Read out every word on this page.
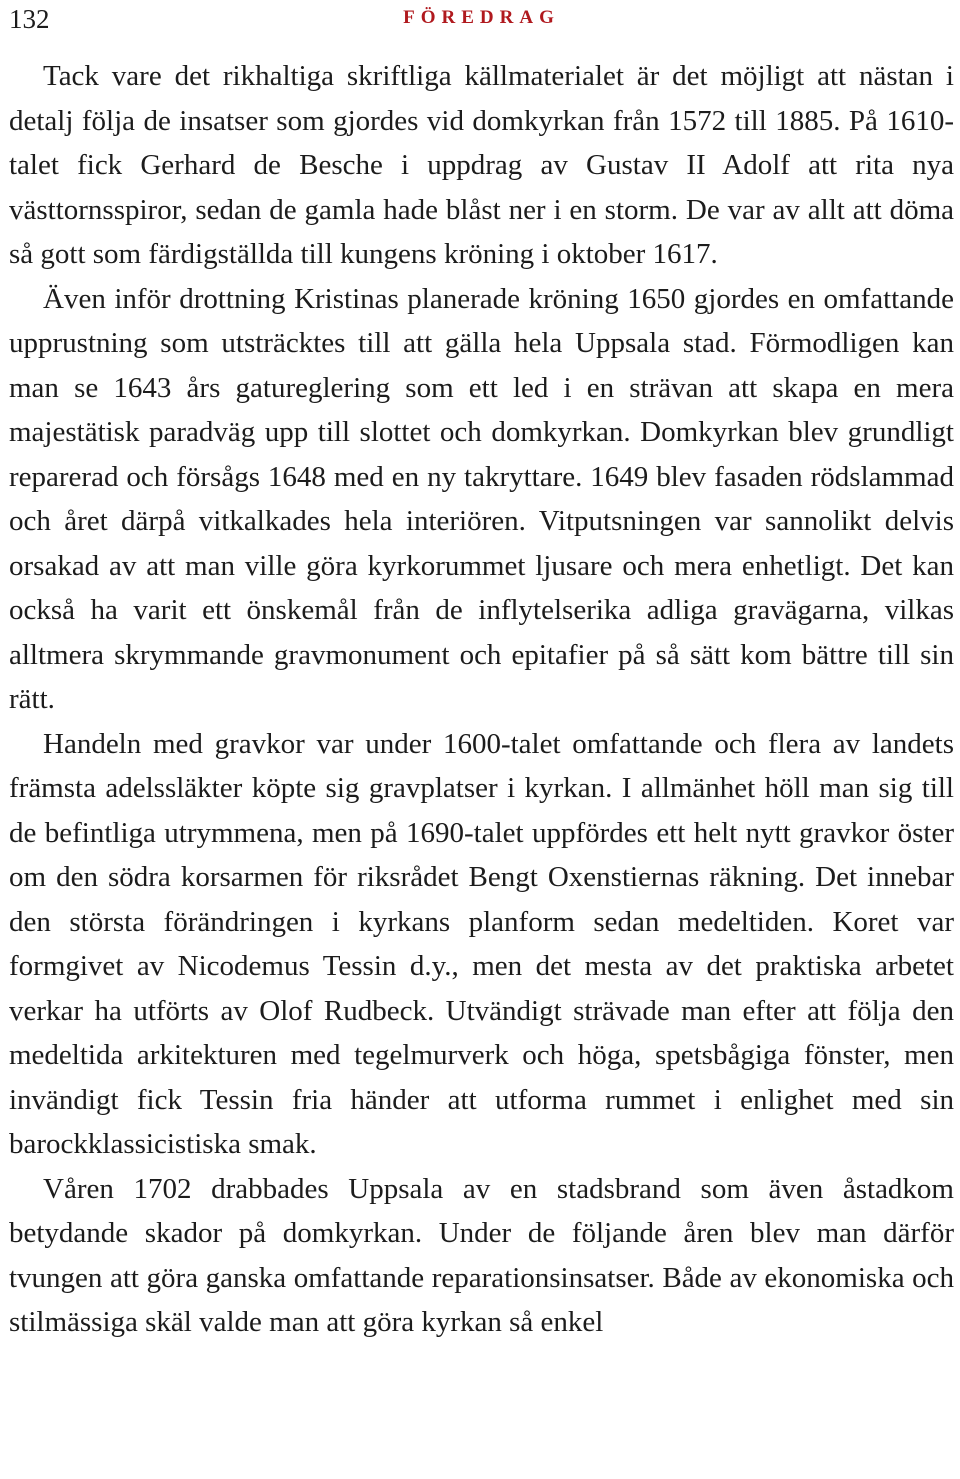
132	FÖREDRAG

Tack vare det rikhaltiga skriftliga källmaterialet är det möjligt att nästan i detalj följa de insatser som gjordes vid domkyrkan från 1572 till 1885. På 1610-talet fick Gerhard de Besche i uppdrag av Gustav II Adolf att rita nya västtornsspiror, sedan de gamla hade blåst ner i en storm. De var av allt att döma så gott som färdigställda till kungens kröning i oktober 1617.

Även inför drottning Kristinas planerade kröning 1650 gjordes en omfattande upprustning som utsträcktes till att gälla hela Uppsala stad. Förmodligen kan man se 1643 års gatureglering som ett led i en strävan att skapa en mera majestätisk paradväg upp till slottet och domkyrkan. Domkyrkan blev grundligt reparerad och försågs 1648 med en ny takryttare. 1649 blev fasaden rödslammad och året därpå vitkalkades hela interiören. Vitputsningen var sannolikt delvis orsakad av att man ville göra kyrkorummet ljusare och mera enhetligt. Det kan också ha varit ett önskemål från de inflytelserika adliga gravägarna, vilkas alltmera skrymmande gravmonument och epitafier på så sätt kom bättre till sin rätt.

Handeln med gravkor var under 1600-talet omfattande och flera av landets främsta adelssläkter köpte sig gravplatser i kyrkan. I allmänhet höll man sig till de befintliga utrymmena, men på 1690-talet uppfördes ett helt nytt gravkor öster om den södra korsarmen för riksrådet Bengt Oxenstiernas räkning. Det innebar den största förändringen i kyrkans planform sedan medeltiden. Koret var formgivet av Nicodemus Tessin d.y., men det mesta av det praktiska arbetet verkar ha utförts av Olof Rudbeck. Utvändigt strävade man efter att följa den medeltida arkitekturen med tegelmurverk och höga, spetsbågiga fönster, men invändigt fick Tessin fria händer att utforma rummet i enlighet med sin barockklassicistiska smak.

Våren 1702 drabbades Uppsala av en stadsbrand som även åstadkom betydande skador på domkyrkan. Under de följande åren blev man därför tvungen att göra ganska omfattande reparationsinsatser. Både av ekonomiska och stilmässiga skäl valde man att göra kyrkan så enkel
